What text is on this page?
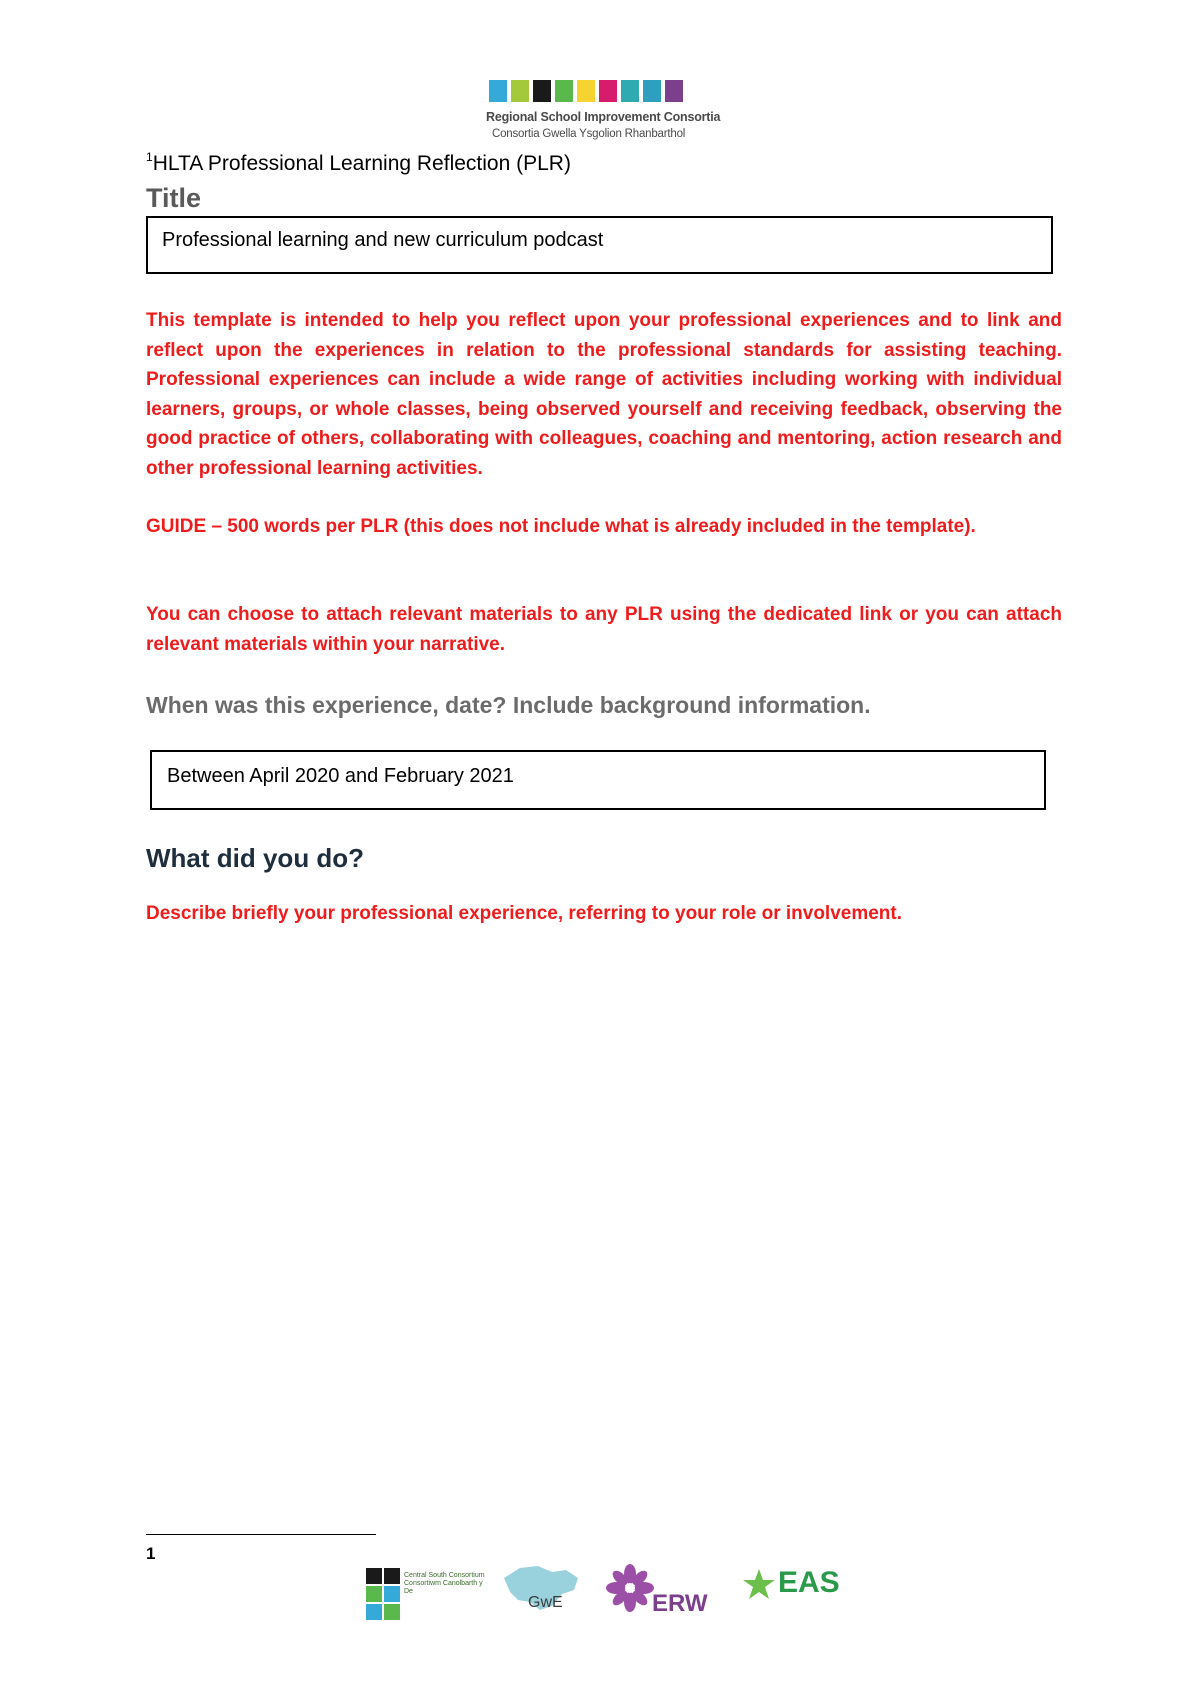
Regional School Improvement Consortia
Consortia Gwella Ysgolion Rhanbarthol
$^1$HLTA Professional Learning Reflection (PLR)
Title
Professional learning and new curriculum podcast
This template is intended to help you reflect upon your professional experiences and to link and reflect upon the experiences in relation to the professional standards for assisting teaching. Professional experiences can include a wide range of activities including working with individual learners, groups, or whole classes, being observed yourself and receiving feedback, observing the good practice of others, collaborating with colleagues, coaching and mentoring, action research and other professional learning activities.
GUIDE – 500 words per PLR (this does not include what is already included in the template).
You can choose to attach relevant materials to any PLR using the dedicated link or you can attach relevant materials within your narrative.
When was this experience, date? Include background information.
Between April 2020 and February 2021
What did you do?
Describe briefly your professional experience, referring to your role or involvement.
1
Central South Consortium Consortiwm Canolbarth y De
GwE	ERW
EAS
